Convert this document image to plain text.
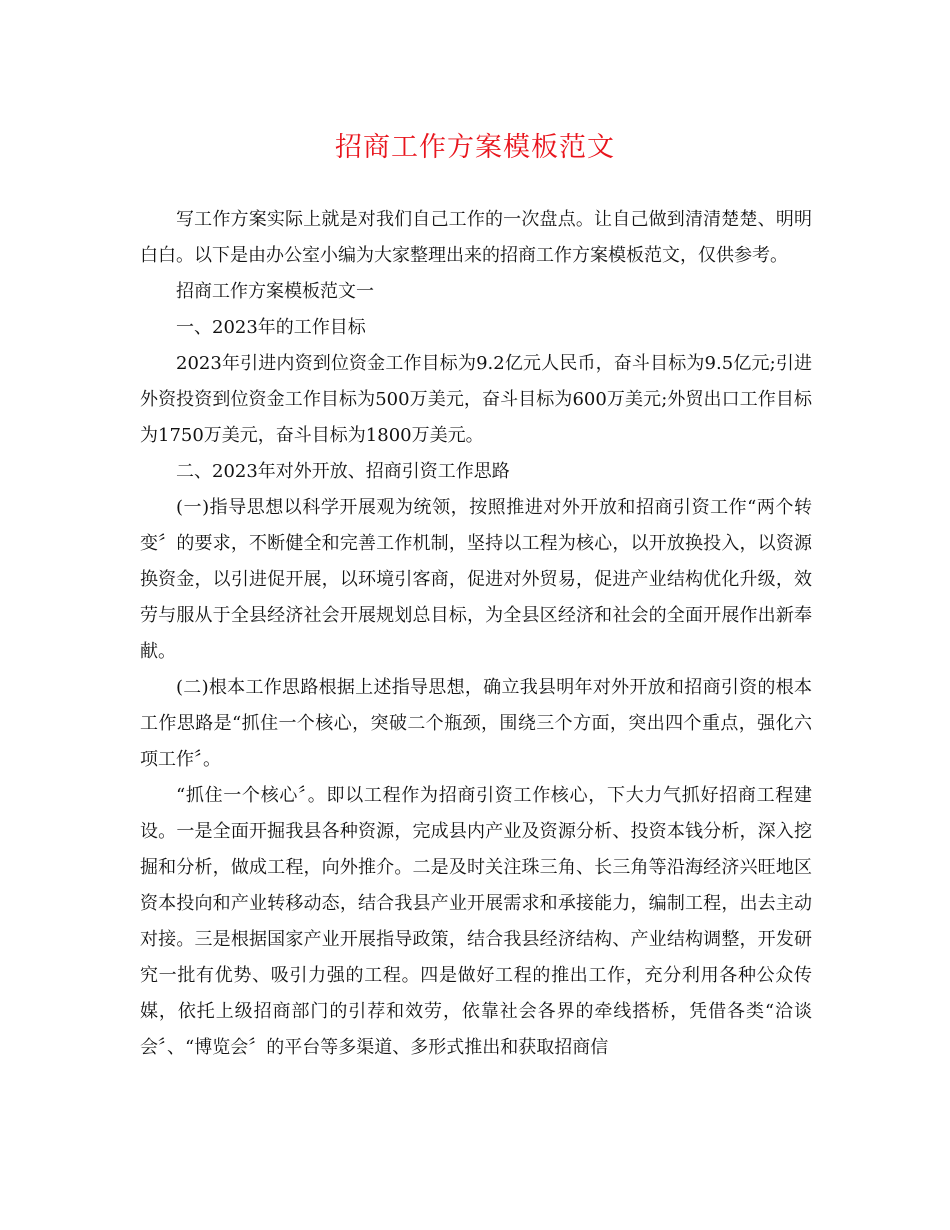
招商工作方案模板范文

写工作方案实际上就是对我们自己工作的一次盘点。让自己做到清清楚楚、明明白白。以下是由办公室小编为大家整理出来的招商工作方案模板范文，仅供参考。

招商工作方案模板范文一

一、2023年的工作目标

2023年引进内资到位资金工作目标为9.2亿元人民币，奋斗目标为9.5亿元;引进外资投资到位资金工作目标为500万美元，奋斗目标为600万美元;外贸出口工作目标为1750万美元，奋斗目标为1800万美元。

二、2023年对外开放、招商引资工作思路

(一)指导思想以科学开展观为统领，按照推进对外开放和招商引资工作“两个转变〞的要求，不断健全和完善工作机制，坚持以工程为核心，以开放换投入，以资源换资金，以引进促开展，以环境引客商，促进对外贸易，促进产业结构优化升级，效劳与服从于全县经济社会开展规划总目标，为全县区经济和社会的全面开展作出新奉献。

(二)根本工作思路根据上述指导思想，确立我县明年对外开放和招商引资的根本工作思路是“抓住一个核心，突破二个瓶颈，围绕三个方面，突出四个重点，强化六项工作〞。

“抓住一个核心〞。即以工程作为招商引资工作核心，下大力气抓好招商工程建设。一是全面开掘我县各种资源，完成县内产业及资源分析、投资本钱分析，深入挖掘和分析，做成工程，向外推介。二是及时关注珠三角、长三角等沿海经济兴旺地区资本投向和产业转移动态，结合我县产业开展需求和承接能力，编制工程，出去主动对接。三是根据国家产业开展指导政策，结合我县经济结构、产业结构调整，开发研究一批有优势、吸引力强的工程。四是做好工程的推出工作，充分利用各种公众传媒，依托上级招商部门的引荐和效劳，依靠社会各界的牵线搭桥，凭借各类“洽谈会〞、“博览会〞的平台等多渠道、多形式推出和获取招商信
